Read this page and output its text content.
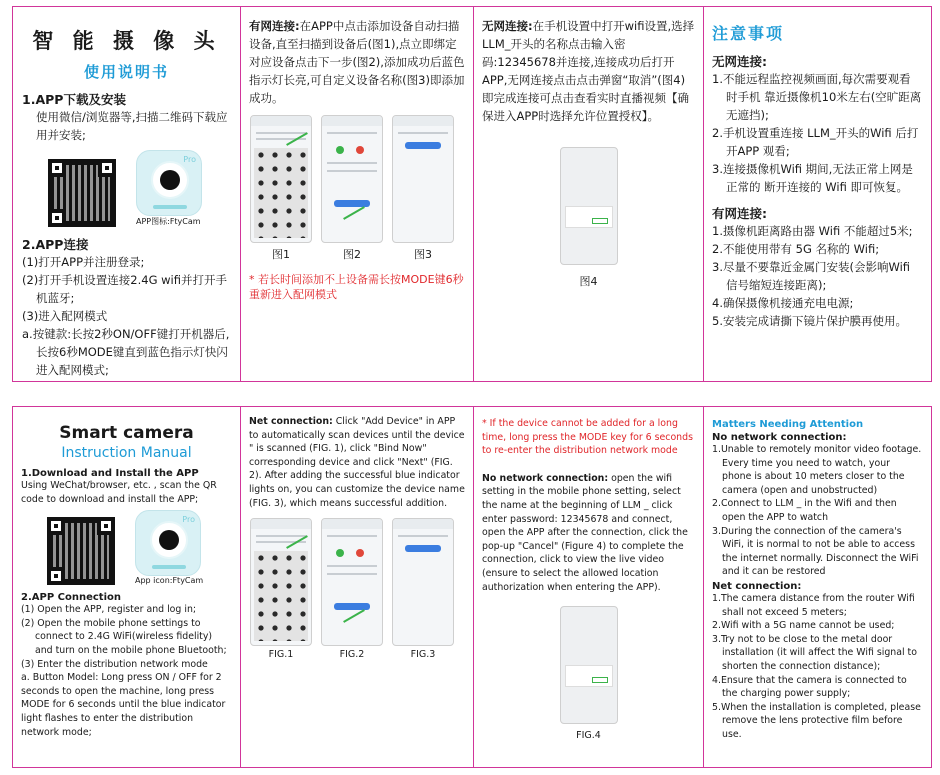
智 能 摄 像 头
使用说明书
1.APP下载及安装
使用微信/浏览器等,扫描二维码下载应用并安装;
Pro
APP图标:FtyCam
2.APP连接
(1)打开APP并注册登录;
(2)打开手机设置连接2.4G wifi并打开手机蓝牙;
(3)进入配网模式
a.按键款:长按2秒ON/OFF键打开机器后,长按6秒MODE键直到蓝色指示灯快闪进入配网模式;
有网连接:在APP中点击添加设备自动扫描设备,直至扫描到设备后(图1),点立即绑定对应设备点击下一步(图2),添加成功后蓝色指示灯长亮,可自定义设备名称(图3)即添加成功。
图1	图2	图3
* 若长时间添加不上设备需长按MODE键6秒重新进入配网模式
无网连接:在手机设置中打开wifi设置,选择LLM_开头的名称点击输入密码:12345678并连接,连接成功后打开APP,无网连接点击点击弹窗“取消”(图4)即完成连接可点击查看实时直播视频【确保进入APP时选择允许位置授权】。
图4
注意事项
无网连接:
1.不能远程监控视频画面,每次需要观看时手机 靠近摄像机10米左右(空旷距离无遮挡);
2.手机设置重连接 LLM_开头的Wifi 后打开APP 观看;
3.连接摄像机Wifi 期间,无法正常上网是正常的 断开连接的 Wifi 即可恢复。
有网连接:
1.摄像机距离路由器 Wifi 不能超过5米;
2.不能使用带有 5G 名称的 Wifi;
3.尽量不要靠近金属门安装(会影响Wifi 信号缩短连接距离);
4.确保摄像机接通充电电源;
5.安装完成请撕下镜片保护膜再使用。
Smart camera
Instruction Manual
1.Download and Install the APP
Using WeChat/browser, etc. , scan the QR code to download and install the APP;
Pro
App icon:FtyCam
2.APP Connection
(1) Open the APP, register and log in;
(2) Open the mobile phone settings to connect to 2.4G WiFi(wireless fidelity) and turn on the mobile phone Bluetooth;
(3) Enter the distribution network mode
a. Button Model: Long press ON / OFF for 2 seconds to open the machine, long press MODE for 6 seconds until the blue indicator light flashes to enter the distribution network mode;
Net connection: Click "Add Device" in APP to automatically scan devices until the device " is scanned (FIG. 1), click "Bind Now" corresponding device and click "Next" (FIG. 2). After adding the successful blue indicator lights on, you can customize the device name (FIG. 3), which means successful addition.
FIG.1	FIG.2	FIG.3
* If the device cannot be added for a long time, long press the MODE key for 6 seconds to re-enter the distribution network mode
No network connection: open the wifi setting in the mobile phone setting, select the name at the beginning of LLM _ click enter password: 12345678 and connect, open the APP after the connection, click the pop-up "Cancel" (Figure 4) to complete the connection, click to view the live video (ensure to select the allowed location authorization when entering the APP).
FIG.4
Matters Needing Attention
No network connection:
1.Unable to remotely monitor video footage. Every time you need to watch, your phone is about 10 meters closer to the camera (open and unobstructed)
2.Connect to LLM _ in the Wifi and then open the APP to watch
3.During the connection of the camera's WiFi, it is normal to not be able to access the internet normally. Disconnect the WiFi and it can be restored
Net connection:
1.The camera distance from the router Wifi shall not exceed 5 meters;
2.Wifi with a 5G name cannot be used;
3.Try not to be close to the metal door installation (it will affect the Wifi signal to shorten the connection distance);
4.Ensure that the camera is connected to the charging power supply;
5.When the installation is completed, please remove the lens protective film before use.
